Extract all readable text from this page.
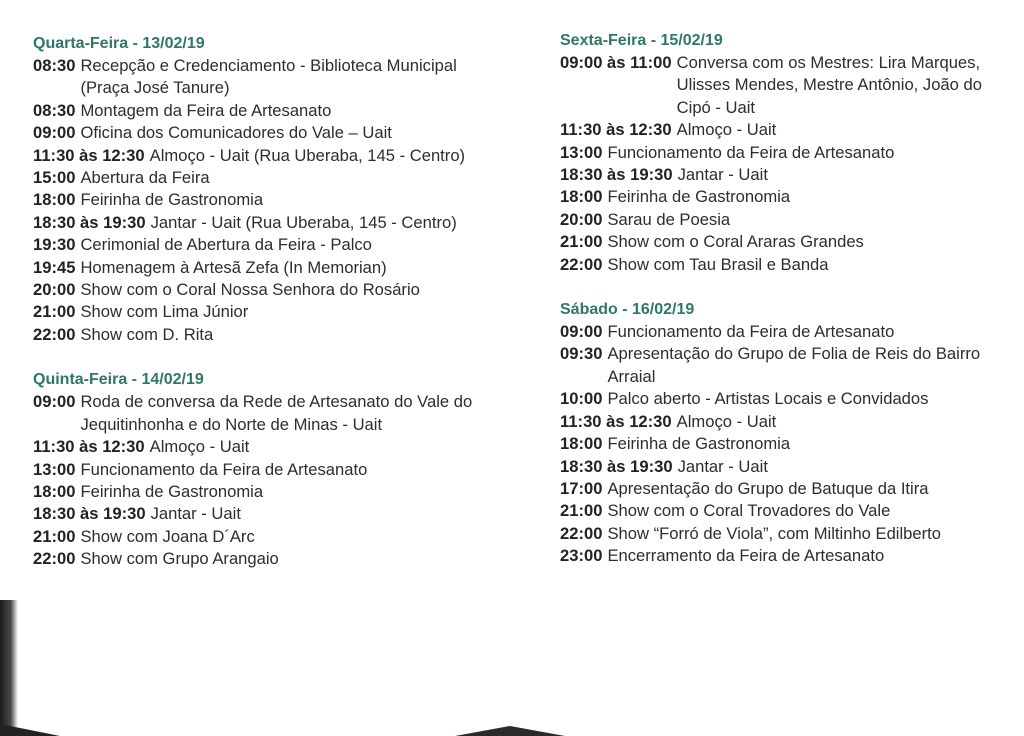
Quarta-Feira - 13/02/19
08:30 Recepção e Credenciamento - Biblioteca Municipal (Praça José Tanure)
08:30 Montagem da Feira de Artesanato
09:00 Oficina dos Comunicadores do Vale – Uait
11:30 às 12:30 Almoço - Uait (Rua Uberaba, 145 - Centro)
15:00 Abertura da Feira
18:00 Feirinha de Gastronomia
18:30 às 19:30 Jantar - Uait (Rua Uberaba, 145 - Centro)
19:30 Cerimonial de Abertura da Feira - Palco
19:45 Homenagem à Artesã Zefa (In Memorian)
20:00 Show com o Coral Nossa Senhora do Rosário
21:00 Show com Lima Júnior
22:00 Show com D. Rita
Quinta-Feira - 14/02/19
09:00 Roda de conversa da Rede de Artesanato do Vale do Jequitinhonha e do Norte de Minas - Uait
11:30 às 12:30 Almoço - Uait
13:00 Funcionamento da Feira de Artesanato
18:00 Feirinha de Gastronomia
18:30 às 19:30 Jantar - Uait
21:00 Show com Joana D´Arc
22:00 Show com Grupo Arangaio
Sexta-Feira - 15/02/19
09:00 às 11:00 Conversa com os Mestres: Lira Marques, Ulisses Mendes, Mestre Antônio, João do Cipó - Uait
11:30 às 12:30 Almoço - Uait
13:00 Funcionamento da Feira de Artesanato
18:30 às 19:30 Jantar - Uait
18:00 Feirinha de Gastronomia
20:00 Sarau de Poesia
21:00 Show com o Coral Araras Grandes
22:00 Show com Tau Brasil e Banda
Sábado - 16/02/19
09:00 Funcionamento da Feira de Artesanato
09:30 Apresentação do Grupo de Folia de Reis do Bairro Arraial
10:00 Palco aberto - Artistas Locais e Convidados
11:30 às 12:30 Almoço - Uait
18:00 Feirinha de Gastronomia
18:30 às 19:30 Jantar - Uait
17:00 Apresentação do Grupo de Batuque da Itira
21:00 Show com o Coral Trovadores do Vale
22:00 Show “Forró de Viola”, com Miltinho Edilberto
23:00 Encerramento da Feira de Artesanato
